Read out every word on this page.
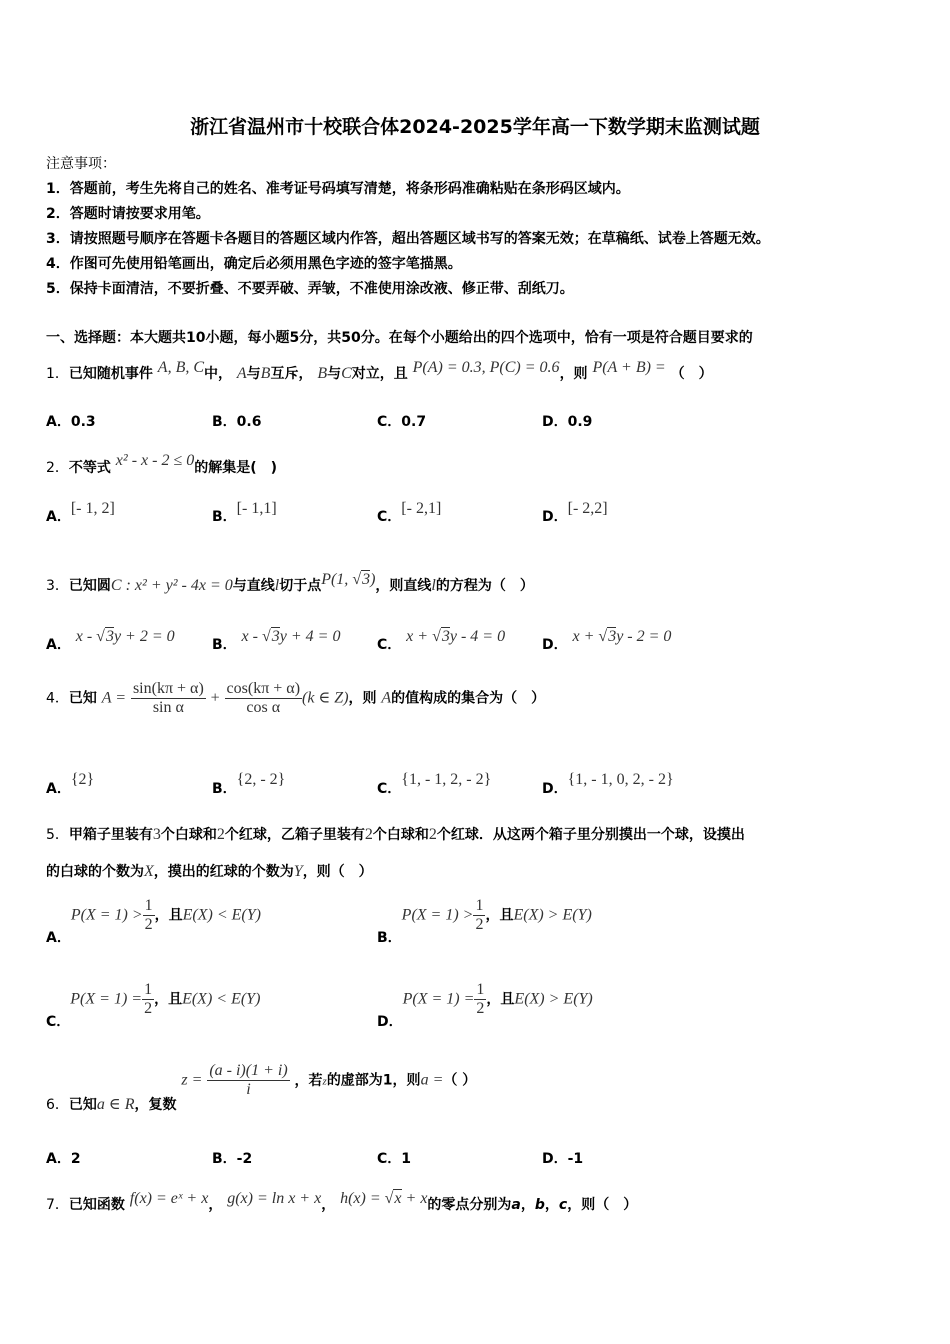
浙江省温州市十校联合体2024-2025学年高一下数学期末监测试题
注意事项：
1．答题前，考生先将自己的姓名、准考证号码填写清楚，将条形码准确粘贴在条形码区域内。
2．答题时请按要求用笔。
3．请按照题号顺序在答题卡各题目的答题区域内作答，超出答题区域书写的答案无效；在草稿纸、试卷上答题无效。
4．作图可先使用铅笔画出，确定后必须用黑色字迹的签字笔描黑。
5．保持卡面清洁，不要折叠、不要弄破、弄皱，不准使用涂改液、修正带、刮纸刀。
一、选择题：本大题共10小题，每小题5分，共50分。在每个小题给出的四个选项中，恰有一项是符合题目要求的
1．已知随机事件 A, B, C中， A与B互斥， B与C对立，且 P(A) = 0.3, P(C) = 0.6，则 P(A + B) = （　）
A．0.3	B．0.6	C．0.7	D．0.9
2．不等式 x² - x - 2 ≤ 0的解集是(　)
A．[- 1, 2]	B．[- 1,1]	C．[- 2,1]	D．[- 2,2]
3．已知圆C : x² + y² - 4x = 0与直线l切于点P(1, √3)，则直线l的方程为（　）
A． x - √3y + 2 = 0	B． x - √3y + 4 = 0	C． x + √3y - 4 = 0	D． x + √3y - 2 = 0
4．已知 $A = \frac{\sin(k\pi + \alpha)}{\text{sin α}} + \frac{\cos(k\pi + \alpha)}{\text{cos α}} (k$ ∈ Z)，则 A的值构成的集合为（　）
A．{2}
B．{2, - 2}
C．{1, - 1, 2, - 2}
D．{1, - 1, 0, 2, - 2}
5．甲箱子里装有3个白球和2个红球，乙箱子里装有2个白球和2个红球．从这两个箱子里分别摸出一个球，设摸出
的白球的个数为X，摸出的红球的个数为Y，则（　）
A．$P(X = 1) > \frac{1}{2}$ ，且E(X) < E(Y)
B．$P(X = 1) > \frac{1}{2}$ ，且E(X) > E(Y)
C．$P(X = 1) = \frac{1}{2}$ ，且E(X) < E(Y)
D．$P(X = 1) = \frac{1}{2}$ ，且E(X) > E(Y)
6．已知a ∈ R，复数 $z = \frac{(a - i)(1 + i)}{i}$ ，若z的虚部为1，则a =（ ）
A．2	B．-2	C．1	D．-1
7．已知函数 f(x) = eˣ + x， g(x) = ln x + x， h(x) = √x + x的零点分别为a，b，c，则（　）
